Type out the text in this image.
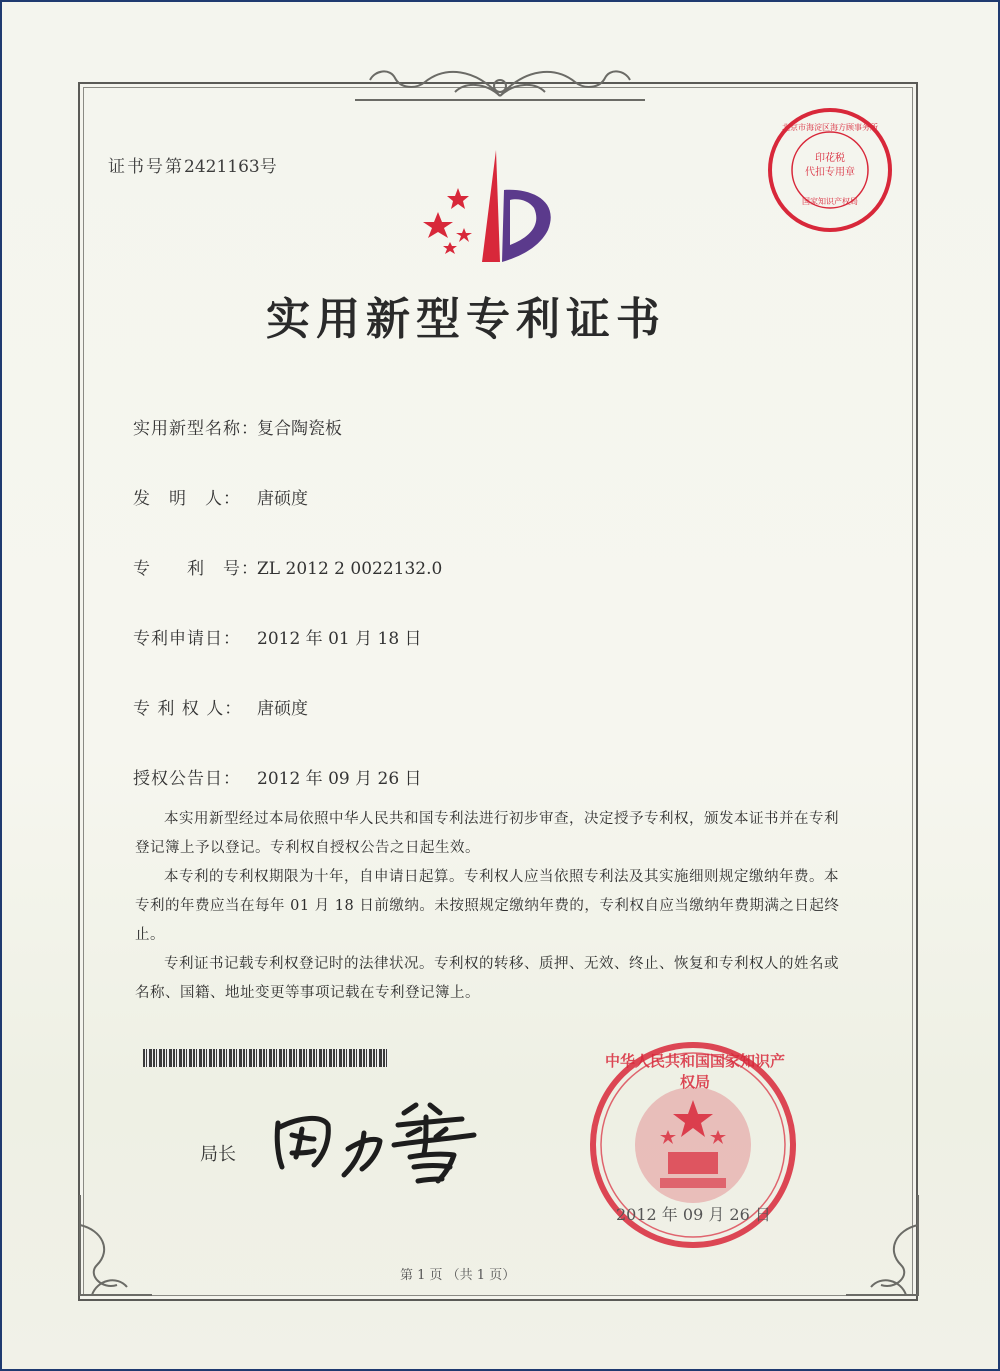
证书号第2421163号	印花税
代扣专用章
北京市海淀区海方顾事务所
国家知识产权局
实用新型专利证书
实用新型名称：复合陶瓷板
发　明　人： 唐硕度
专　　利　号：ZL 2012 2 0022132.0
专利申请日： 2012 年 01 月 18 日
专 利 权 人： 唐硕度
授权公告日： 2012 年 09 月 26 日

本实用新型经过本局依照中华人民共和国专利法进行初步审查，决定授予专利权，颁发本证书并在专利登记簿上予以登记。专利权自授权公告之日起生效。

本专利的专利权期限为十年，自申请日起算。专利权人应当依照专利法及其实施细则规定缴纳年费。本专利的年费应当在每年 01 月 18 日前缴纳。未按照规定缴纳年费的，专利权自应当缴纳年费期满之日起终止。

专利证书记载专利权登记时的法律状况。专利权的转移、质押、无效、终止、恢复和专利权人的姓名或名称、国籍、地址变更等事项记载在专利登记簿上。

局长
中华人民共和国国家知识产权局
2012 年 09 月 26 日
第 1 页 （共 1 页）
